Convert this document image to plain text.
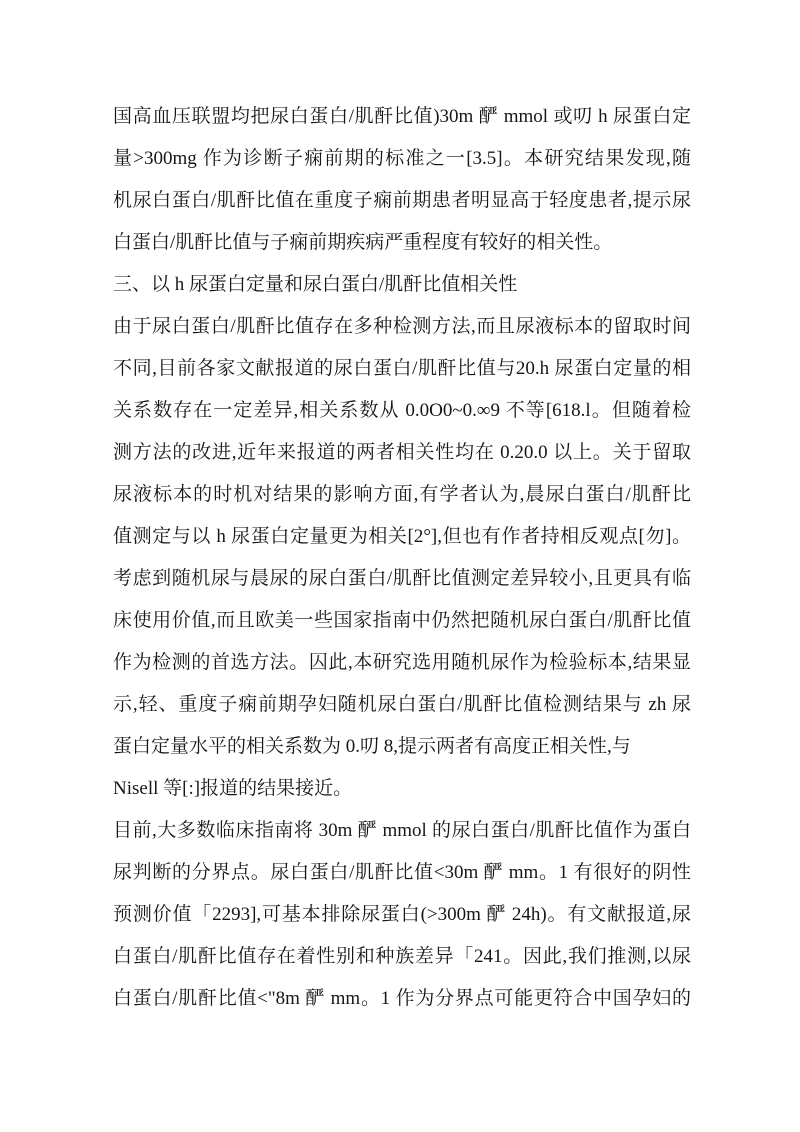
国高血压联盟均把尿白蛋白/肌酐比值)30m 酽 mmol 或叨 h 尿蛋白定
量>300mg 作为诊断子痫前期的标准之一[3.5]。本研究结果发现,随
机尿白蛋白/肌酐比值在重度子痫前期患者明显高于轻度患者,提示尿
白蛋白/肌酐比值与子痫前期疾病严重程度有较好的相关性。
三、以 h 尿蛋白定量和尿白蛋白/肌酐比值相关性
由于尿白蛋白/肌酐比值存在多种检测方法,而且尿液标本的留取时间
不同,目前各家文献报道的尿白蛋白/肌酐比值与20.h 尿蛋白定量的相
关系数存在一定差异,相关系数从 0.0O0~0.∞9 不等[618.l。但随着检
测方法的改进,近年来报道的两者相关性均在 0.20.0 以上。关于留取
尿液标本的时机对结果的影响方面,有学者认为,晨尿白蛋白/肌酐比
值测定与以 h 尿蛋白定量更为相关[2°],但也有作者持相反观点[勿]。
考虑到随机尿与晨尿的尿白蛋白/肌酐比值测定差异较小,且更具有临
床使用价值,而且欧美一些国家指南中仍然把随机尿白蛋白/肌酐比值
作为检测的首选方法。囚此,本研究选用随机尿作为检验标本,结果显
示,轻、重度子痫前期孕妇随机尿白蛋白/肌酐比值检测结果与 zh 尿
蛋白定量水平的相关系数为 0.叨 8,提示两者有高度正相关性,与
Nisell 等[:]报道的结果接近。
目前,大多数临床指南将 30m 酽 mmol 的尿白蛋白/肌酐比值作为蛋白
尿判断的分界点。尿白蛋白/肌酐比值<30m 酽 mm。1 有很好的阴性
预测价值「2293],可基本排除尿蛋白(>300m 酽 24h)。有文献报道,尿
白蛋白/肌酐比值存在着性别和种族差异「241。因此,我们推测,以尿
白蛋白/肌酐比值<"8m 酽 mm。1 作为分界点可能更符合中国孕妇的
